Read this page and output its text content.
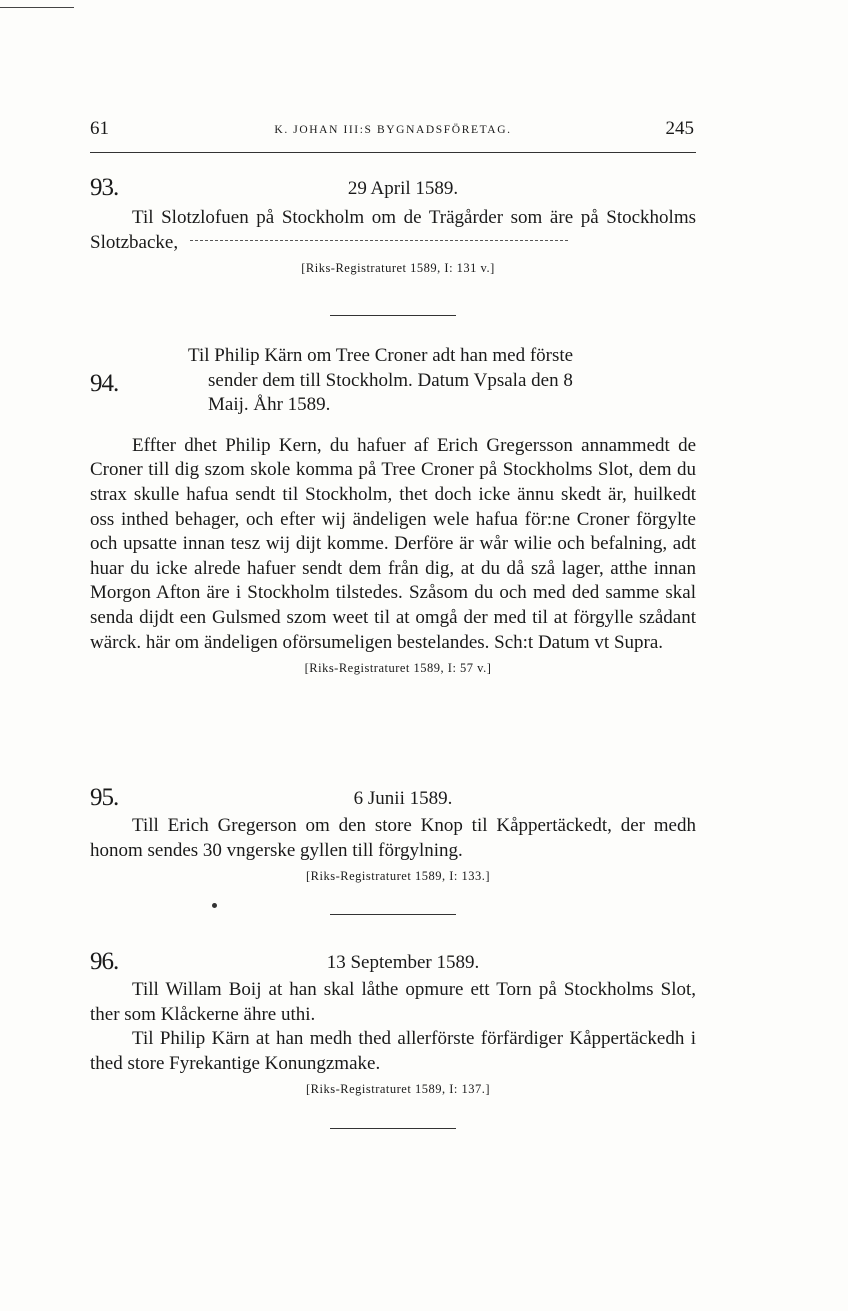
61	K. JOHAN III:S BYGNADSFÖRETAG.	245
93.	29 April 1589.

Til Slotzlofuen på Stockholm om de Trägårder som äre på Stockholms Slotzbacke,

[Riks-Registraturet 1589, I: 131 v.]
94.
Til Philip Kärn om Tree Croner adt han med förste
sender dem till Stockholm. Datum Vpsala den 8
Maij. Åhr 1589.

Effter dhet Philip Kern, du hafuer af Erich Gregersson annammedt de Croner till dig szom skole komma på Tree Croner på Stockholms Slot, dem du strax skulle hafua sendt til Stockholm, thet doch icke ännu skedt är, huilkedt oss inthed behager, och efter wij ändeligen wele hafua för:ne Croner förgylte och upsatte innan tesz wij dijt komme. Derföre är wår wilie och befalning, adt huar du icke alrede hafuer sendt dem från dig, at du då szå lager, atthe innan Morgon Afton äre i Stockholm tilstedes. Szåsom du och med ded samme skal senda dijdt een Gulsmed szom weet til at omgå der med til at förgylle szådant wärck. här om ändeligen oförsumeligen bestelandes. Sch:t Datum vt Supra.

[Riks-Registraturet 1589, I: 57 v.]
95.	6 Junii 1589.

Till Erich Gregerson om den store Knop til Kåppertäckedt, der medh honom sendes 30 vngerske gyllen till förgylning.

[Riks-Registraturet 1589, I: 133.]
96.	13 September 1589.

Till Willam Boij at han skal låthe opmure ett Torn på Stockholms Slot, ther som Klåckerne ähre uthi.

Til Philip Kärn at han medh thed allerförste förfärdiger Kåppertäckedh i thed store Fyrekantige Konungzmake.

[Riks-Registraturet 1589, I: 137.]
